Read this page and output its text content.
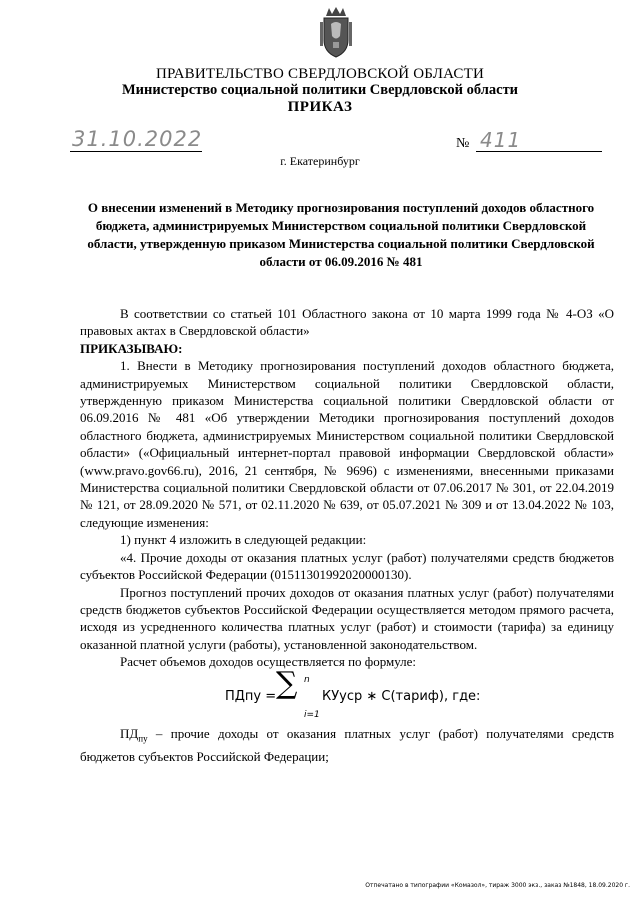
ПРАВИТЕЛЬСТВО СВЕРДЛОВСКОЙ ОБЛАСТИ
Министерство социальной политики Свердловской области
ПРИКАЗ
31.10.2022	№ 411
г. Екатеринбург
О внесении изменений в Методику прогнозирования поступлений доходов областного бюджета, администрируемых Министерством социальной политики Свердловской области, утвержденную приказом Министерства социальной политики Свердловской области от 06.09.2016 № 481

В соответствии со статьей 101 Областного закона от 10 марта 1999 года № 4-ОЗ «О правовых актах в Свердловской области»

ПРИКАЗЫВАЮ:

1. Внести в Методику прогнозирования поступлений доходов областного бюджета, администрируемых Министерством социальной политики Свердловской области, утвержденную приказом Министерства социальной политики Свердловской области от 06.09.2016 № 481 «Об утверждении Методики прогнозирования поступлений доходов областного бюджета, администрируемых Министерством социальной политики Свердловской области» («Официальный интернет-портал правовой информации Свердловской области» (www.pravo.gov66.ru), 2016, 21 сентября, № 9696) с изменениями, внесенными приказами Министерства социальной политики Свердловской области от 07.06.2017 № 301, от 22.04.2019 № 121, от 28.09.2020 № 571, от 02.11.2020 № 639, от 05.07.2021 № 309 и от 13.04.2022 № 103, следующие изменения:

1) пункт 4 изложить в следующей редакции:

«4. Прочие доходы от оказания платных услуг (работ) получателями средств бюджетов субъектов Российской Федерации (01511301992020000130).

Прогноз поступлений прочих доходов от оказания платных услуг (работ) получателями средств бюджетов субъектов Российской Федерации осуществляется методом прямого расчета, исходя из усредненного количества платных услуг (работ) и стоимости (тарифа) за единицу оказанной платной услуги (работы), установленной законодательством.

Расчет объемов доходов осуществляется по формуле:

ПДпу = ∑ n
i=1
КУуср ∗ С(тариф), где:

$ПД_{пу}$ – прочие доходы от оказания платных услуг (работ) получателями средств бюджетов субъектов Российской Федерации;

Отпечатано в типографии «Комазол», тираж 3000 экз., заказ №1848, 18.09.2020 г.
